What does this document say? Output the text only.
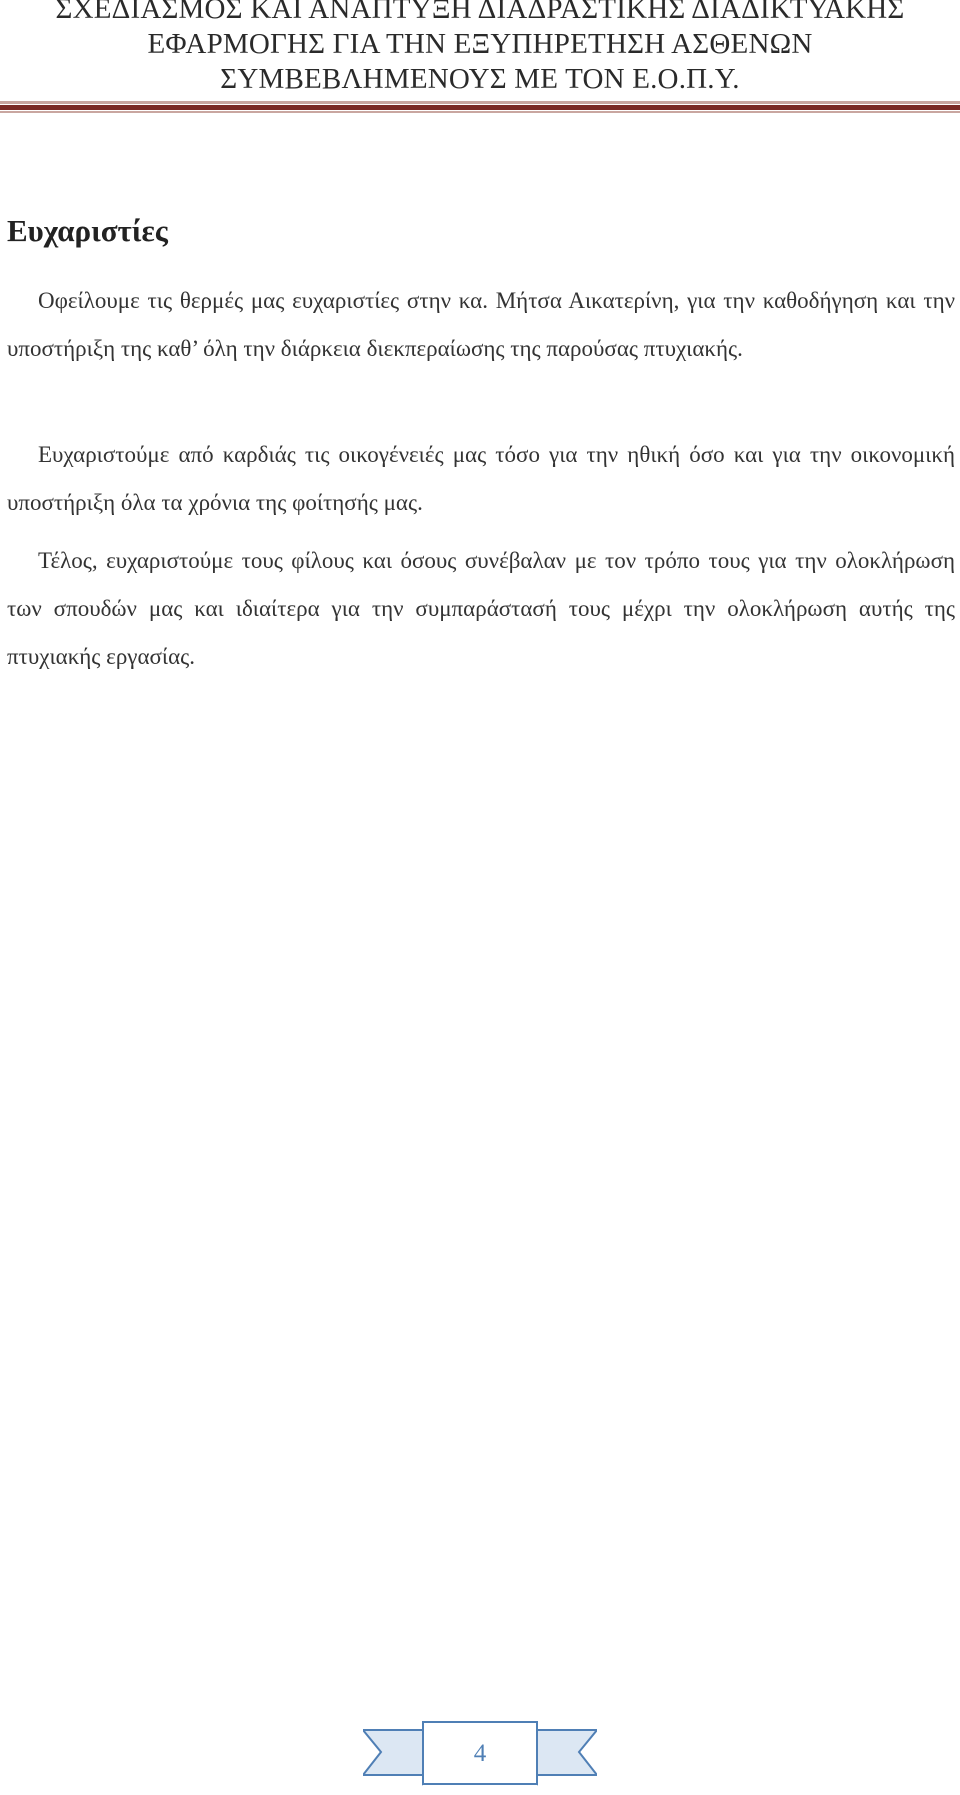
ΣΧΕΔΙΑΣΜΟΣ ΚΑΙ ΑΝΑΠΤΥΞΗ ΔΙΑΔΡΑΣΤΙΚΗΣ ΔΙΑΔΙΚΤΥΑΚΗΣ
ΕΦΑΡΜΟΓΗΣ ΓΙΑ ΤΗΝ ΕΞΥΠΗΡΕΤΗΣΗ ΑΣΘΕΝΩΝ
ΣΥΜΒΕΒΛΗΜΕΝΟΥΣ ΜΕ ΤΟΝ Ε.Ο.Π.Υ.
Ευχαριστίες

Οφείλουμε τις θερμές μας ευχαριστίες στην κα. Μήτσα Αικατερίνη, για την καθοδήγηση και την υποστήριξη της καθ’ όλη την διάρκεια διεκπεραίωσης της παρούσας πτυχιακής.

Ευχαριστούμε από καρδιάς τις οικογένειές μας τόσο για την ηθική όσο και για την οικονομική υποστήριξη όλα τα χρόνια της φοίτησής μας.

Τέλος, ευχαριστούμε τους φίλους και όσους συνέβαλαν με τον τρόπο τους για την ολοκλήρωση των σπουδών μας και ιδιαίτερα για την συμπαράστασή τους μέχρι την ολοκλήρωση αυτής της πτυχιακής εργασίας.

4
